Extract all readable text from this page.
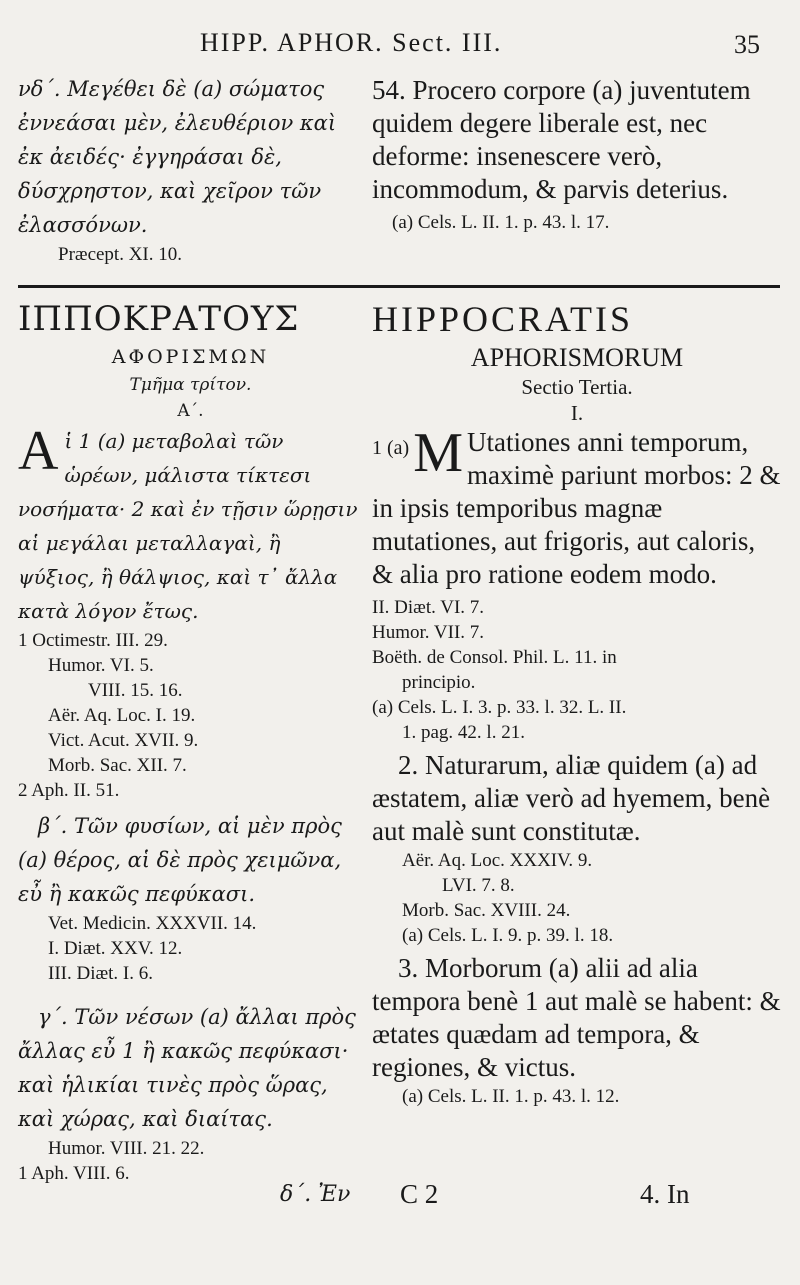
HIPP. APHOR. Sect. III.	35

νδ΄. Μεγέθει δὲ (a) σώματος ἐννεάσαι μὲν, ἐλευθέριον καὶ ἐκ ἀειδές· ἐγγηράσαι δὲ, δύσχρηστον, καὶ χεῖρον τῶν ἐλασσόνων.

Præcept. XI. 10.

54. Procero corpore (a) juventutem quidem degere liberale est, nec deforme: insenescere verò, incommodum, & parvis deterius.

(a) Cels. L. II. 1. p. 43. l. 17.
ΙΠΠΟΚΡΑΤΟΥΣ
ΑΦΟΡΙΣΜΩΝ
Τμῆμα τρίτον.
Α΄.
Α ἱ 1 (a) μεταβολαὶ τῶν ὡρέων, μάλιστα τίκτεσι νοσήματα· 2 καὶ ἐν τῇσιν ὥρῃσιν αἱ μεγάλαι μεταλλαγαὶ, ἢ ψύξιος, ἢ θάλψιος, καὶ τ᾽ ἄλλα κατὰ λόγον ἔτως.
1 Octimestr. III. 29.
Humor. VI. 5.
VIII. 15. 16.
Aër. Aq. Loc. I. 19.
Vict. Acut. XVII. 9.
Morb. Sac. XII. 7.
2 Aph. II. 51.

β΄. Τῶν φυσίων, αἱ μὲν πρὸς (a) θέρος, αἱ δὲ πρὸς χειμῶνα, εὖ ἢ κακῶς πεφύκασι.

Vet. Medicin. XXXVII. 14.
I. Diæt. XXV. 12.
III. Diæt. I. 6.

γ΄. Τῶν νέσων (a) ἄλλαι πρὸς ἄλλας εὖ 1 ἢ κακῶς πεφύκασι· καὶ ἡλικίαι τινὲς πρὸς ὥρας, καὶ χώρας, καὶ διαίτας.

Humor. VIII. 21. 22.
1 Aph. VIII. 6.
δ΄. Ἐν
HIPPOCRATIS
APHORISMORUM
Sectio Tertia.
I.
1 (a) M Utationes anni temporum, maximè pariunt morbos: 2 & in ipsis temporibus magnæ mutationes, aut frigoris, aut caloris, & alia pro ratione eodem modo.
II. Diæt. VI. 7.
Humor. VII. 7.
Boëth. de Consol. Phil. L. 11. in
principio.
(a) Cels. L. I. 3. p. 33. l. 32. L. II.
1. pag. 42. l. 21.

2. Naturarum, aliæ quidem (a) ad æstatem, aliæ verò ad hyemem, benè aut malè sunt constitutæ.

Aër. Aq. Loc. XXXIV. 9.
LVI. 7. 8.
Morb. Sac. XVIII. 24.
(a) Cels. L. I. 9. p. 39. l. 18.

3. Morborum (a) alii ad alia tempora benè 1 aut malè se habent: & ætates quædam ad tempora, & regiones, & victus.

(a) Cels. L. II. 1. p. 43. l. 12.
C 2	4. In
